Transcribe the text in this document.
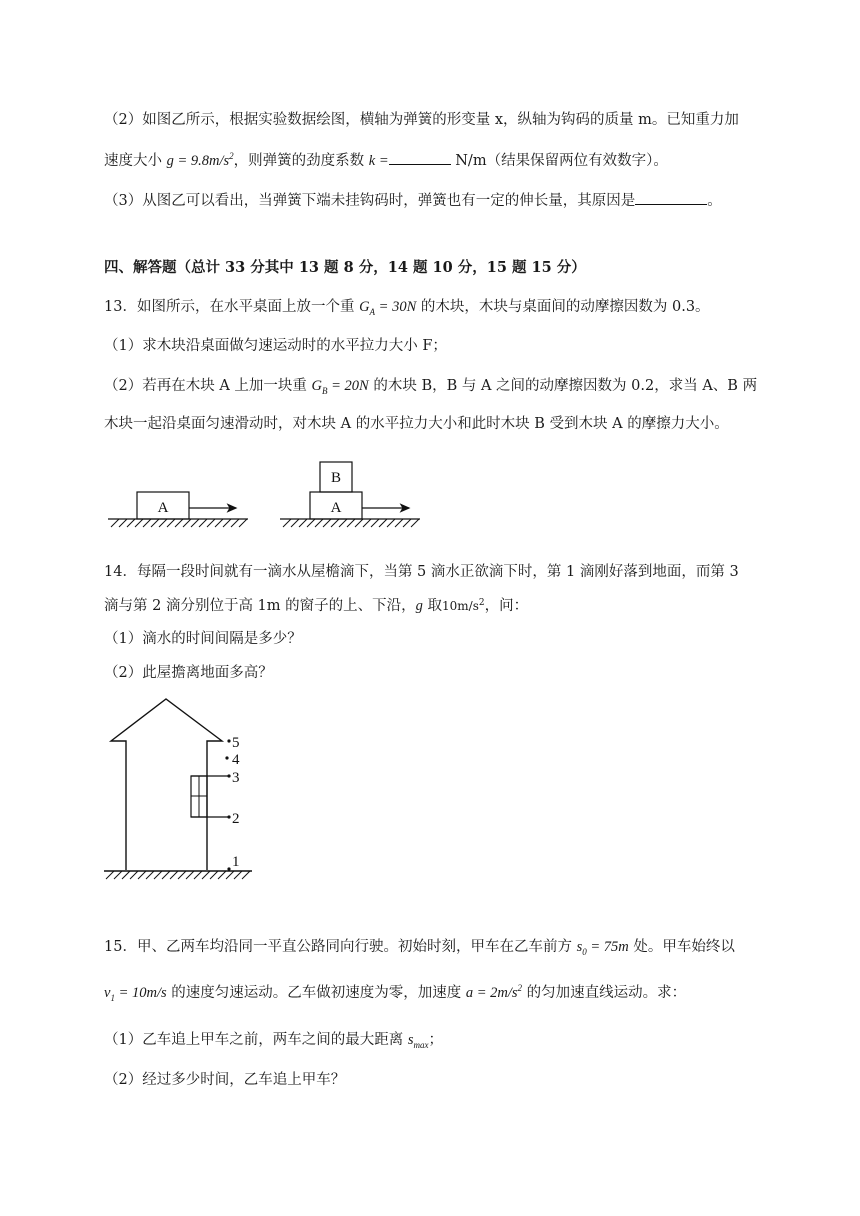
（2）如图乙所示，根据实验数据绘图，横轴为弹簧的形变量 x，纵轴为钩码的质量 m。已知重力加
速度大小 $g = 9.8m/s^2$，则弹簧的劲度系数 k =	N/m（结果保留两位有效数字）。
（3）从图乙可以看出，当弹簧下端未挂钩码时，弹簧也有一定的伸长量，其原因是	。
四、解答题（总计 33 分其中 13 题 8 分，14 题 10 分，15 题 15 分）
13．如图所示，在水平桌面上放一个重 $G_A = 30N$ 的木块，木块与桌面间的动摩擦因数为 0.3。
（1）求木块沿桌面做匀速运动时的水平拉力大小 F；
（2）若再在木块 A 上加一块重 $G_B = 20N$ 的木块 B，B 与 A 之间的动摩擦因数为 0.2，求当 A、B 两
木块一起沿桌面匀速滑动时，对木块 A 的水平拉力大小和此时木块 B 受到木块 A 的摩擦力大小。
A
B
A
14．每隔一段时间就有一滴水从屋檐滴下，当第 5 滴水正欲滴下时，第 1 滴刚好落到地面，而第 3
滴与第 2 滴分别位于高 1m 的窗子的上、下沿，g 取$10m/s^2$，问：
（1）滴水的时间间隔是多少？
（2）此屋擔离地面多高？
5
4
3
2
1
15．甲、乙两车均沿同一平直公路同向行驶。初始时刻，甲车在乙车前方 $s_0 = 75m$ 处。甲车始终以
$v_1 = 10m/s$ 的速度匀速运动。乙车做初速度为零，加速度 $a = 2m/s^2$ 的匀加速直线运动。求：
（1）乙车追上甲车之前，两车之间的最大距离 $s_{max}$；
（2）经过多少时间，乙车追上甲车？
